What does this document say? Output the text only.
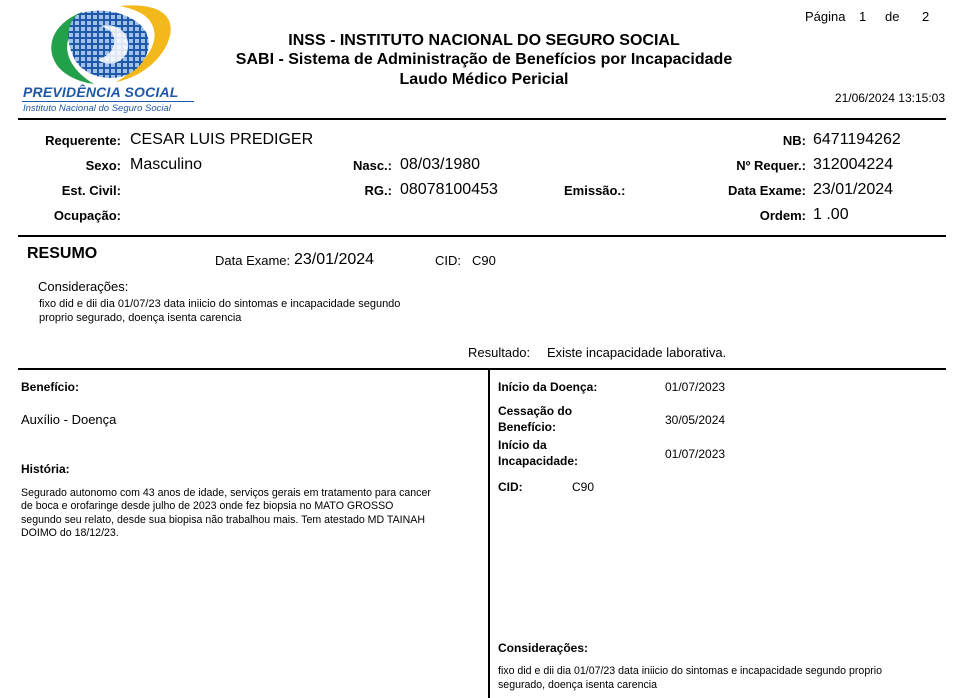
PREVIDÊNCIA SOCIAL
Instituto Nacional do Seguro Social
Página 1 de 2
INSS - INSTITUTO NACIONAL DO SEGURO SOCIAL
SABI - Sistema de Administração de Benefícios por Incapacidade
Laudo Médico Pericial
21/06/2024 13:15:03
Requerente: CESAR LUIS PREDIGER
Sexo: Masculino
Est. Civil:
Ocupação:
Nasc.: 08/03/1980
RG.: 08078100453	Emissão.:
NB: 6471194262
Nº Requer.: 312004224
Data Exame: 23/01/2024
Ordem: 1 .00
RESUMO	Data Exame: 23/01/2024	CID: C90
Considerações:
fixo did e dii dia 01/07/23 data iniicio do sintomas e incapacidade segundo
proprio segurado, doença isenta carencia
Resultado: Existe incapacidade laborativa.
Benefício:
Auxílio - Doença
História:
Segurado autonomo com 43 anos de idade, serviços gerais em tratamento para cancer
de boca e orofaringe desde julho de 2023 onde fez biopsia no MATO GROSSO
segundo seu relato, desde sua biopisa não trabalhou mais. Tem atestado MD TAINAH
DOIMO do 18/12/23.
Início da Doença:	01/07/2023
Cessação do
Benefício:	30/05/2024
Início da
Incapacidade:	01/07/2023
CID:	C90
Considerações:
fixo did e dii dia 01/07/23 data iniicio do sintomas e incapacidade segundo proprio
segurado, doença isenta carencia
